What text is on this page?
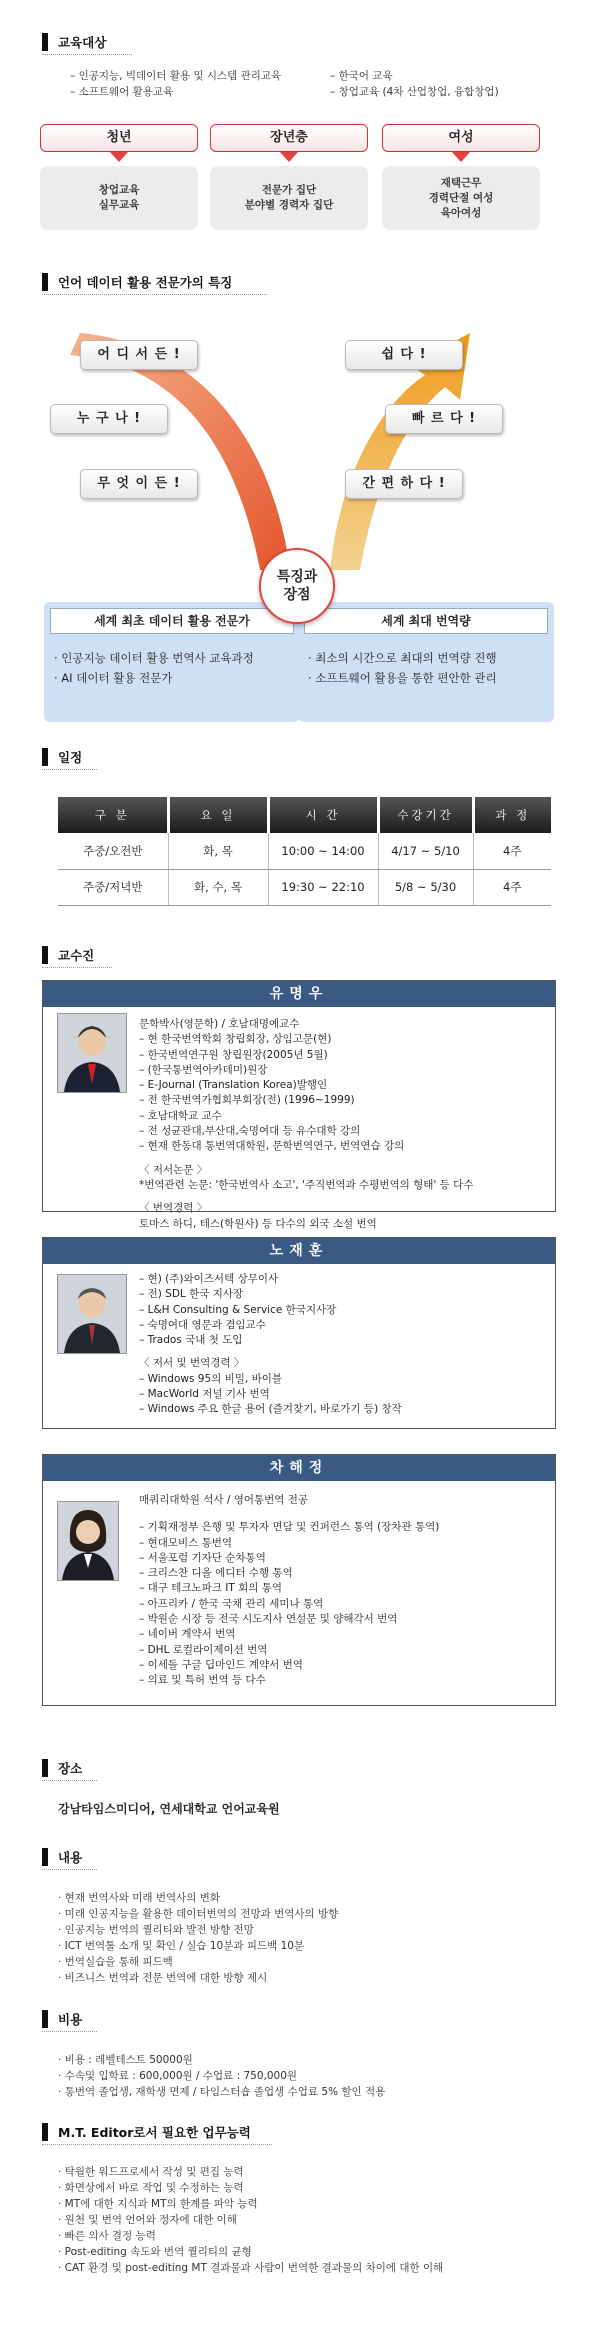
교육대상
– 인공지능, 빅데이터 활용 및 시스템 관리교육
– 소프트웨어 활용교육
– 한국어 교육
– 창업교육 (4차 산업창업, 융합창업)
청년
창업교육
실무교육
장년층
전문가 집단
분야별 경력자 집단
여성
재택근무
경력단절 여성
육아여성
언어 데이터 활용 전문가의 특징
어 디 서 든 !
누 구 나 !
무 엇 이 든 !
쉽 다 !
빠 르 다 !
간 편 하 다 !
특징과
장점
세계 최초 데이터 활용 전문가
· 인공지능 데이터 활용 번역사 교육과정
· AI 데이터 활용 전문가
세계 최대 번역량
· 최소의 시간으로 최대의 번역량 진행
· 소프트웨어 활용을 통한 편안한 관리
일정
구 분	요 일	시 간	수강기간	과 정
주중/오전반	화, 목	10:00 ~ 14:00	4/17 ~ 5/10	4주
주중/저녁반	화, 수, 목	19:30 ~ 22:10	5/8 ~ 5/30	4주
교수진
유명우
문학박사(영문학) / 호남대명예교수
– 현 한국번역학회 창립회장, 상임고문(현)
– 한국번역연구원 창립원장(2005년 5월)
– (한국통번역아카데미)원장
– E-Journal (Translation Korea)발행인
– 전 한국번역가협회부회장(전) (1996~1999)
– 호남대학교 교수
– 전 성균관대,부산대,숙명여대 등 유수대학 강의
– 현재 한동대 통번역대학원, 문학번역연구, 번역연습 강의
〈 저서논문 〉
*번역관련 논문: '한국번역사 소고', '주직번역과 수평번역의 형태' 등 다수
〈 번역경력 〉
토마스 하디, 테스(학원사) 등 다수의 외국 소설 번역
노재훈
– 현) (주)와이즈서텍 상무이사
– 전) SDL 한국 지사장
– L&H Consulting & Service 한국지사장
– 숙명여대 영문과 겸임교수
– Trados 국내 첫 도입
〈 저서 및 번역경력 〉
– Windows 95의 비밀, 바이블
– MacWorld 저널 기사 번역
– Windows 주요 한글 용어 (즐겨찾기, 바로가기 등) 창작
차해정
매쿼리대학원 석사 / 영어통번역 전공
– 기획재정부 은행 및 투자자 면담 및 컨퍼런스 통역 (장차관 통역)
– 현대모비스 통번역
– 서울포럼 기자단 순차통역
– 크리스찬 디올 에디터 수행 통역
– 대구 테크노파크 IT 회의 통역
– 아프리카 / 한국 국채 관리 세미나 통역
– 박원순 시장 등 전국 시도지사 연설문 및 양해각서 번역
– 네이버 계약서 번역
– DHL 로컬라이제이션 번역
– 이세돌 구글 딥마인드 계약서 번역
– 의료 및 특허 번역 등 다수
장소
강남타임스미디어, 연세대학교 언어교육원
내용
· 현재 번역사와 미래 번역사의 변화
· 미래 인공지능을 활용한 데이터번역의 전망과 번역사의 방향
· 인공지능 번역의 퀄리티와 발전 방향 전망
· ICT 번역툴 소개 및 확인 / 실습 10분과 피드백 10분
· 번역실습을 통해 피드백
· 비즈니스 번역과 전문 번역에 대한 방향 제시
비용
· 비용 : 레벨테스트 50000원
· 수속및 입학료 : 600,000원 / 수업료 : 750,000원
· 통번역 졸업생, 재학생 면제 / 타임스터숍 졸업생 수업료 5% 할인 적용
M.T. Editor로서 필요한 업무능력
· 탁월한 워드프로세서 작성 및 편집 능력
· 화면상에서 바로 작업 및 수정하는 능력
· MT에 대한 지식과 MT의 한계를 파악 능력
· 원천 및 번역 언어와 정자에 대한 이해
· 빠른 의사 결정 능력
· Post-editing 속도와 번역 퀄리티의 균형
· CAT 환경 및 post-editing MT 결과물과 사람이 번역한 결과물의 차이에 대한 이해
